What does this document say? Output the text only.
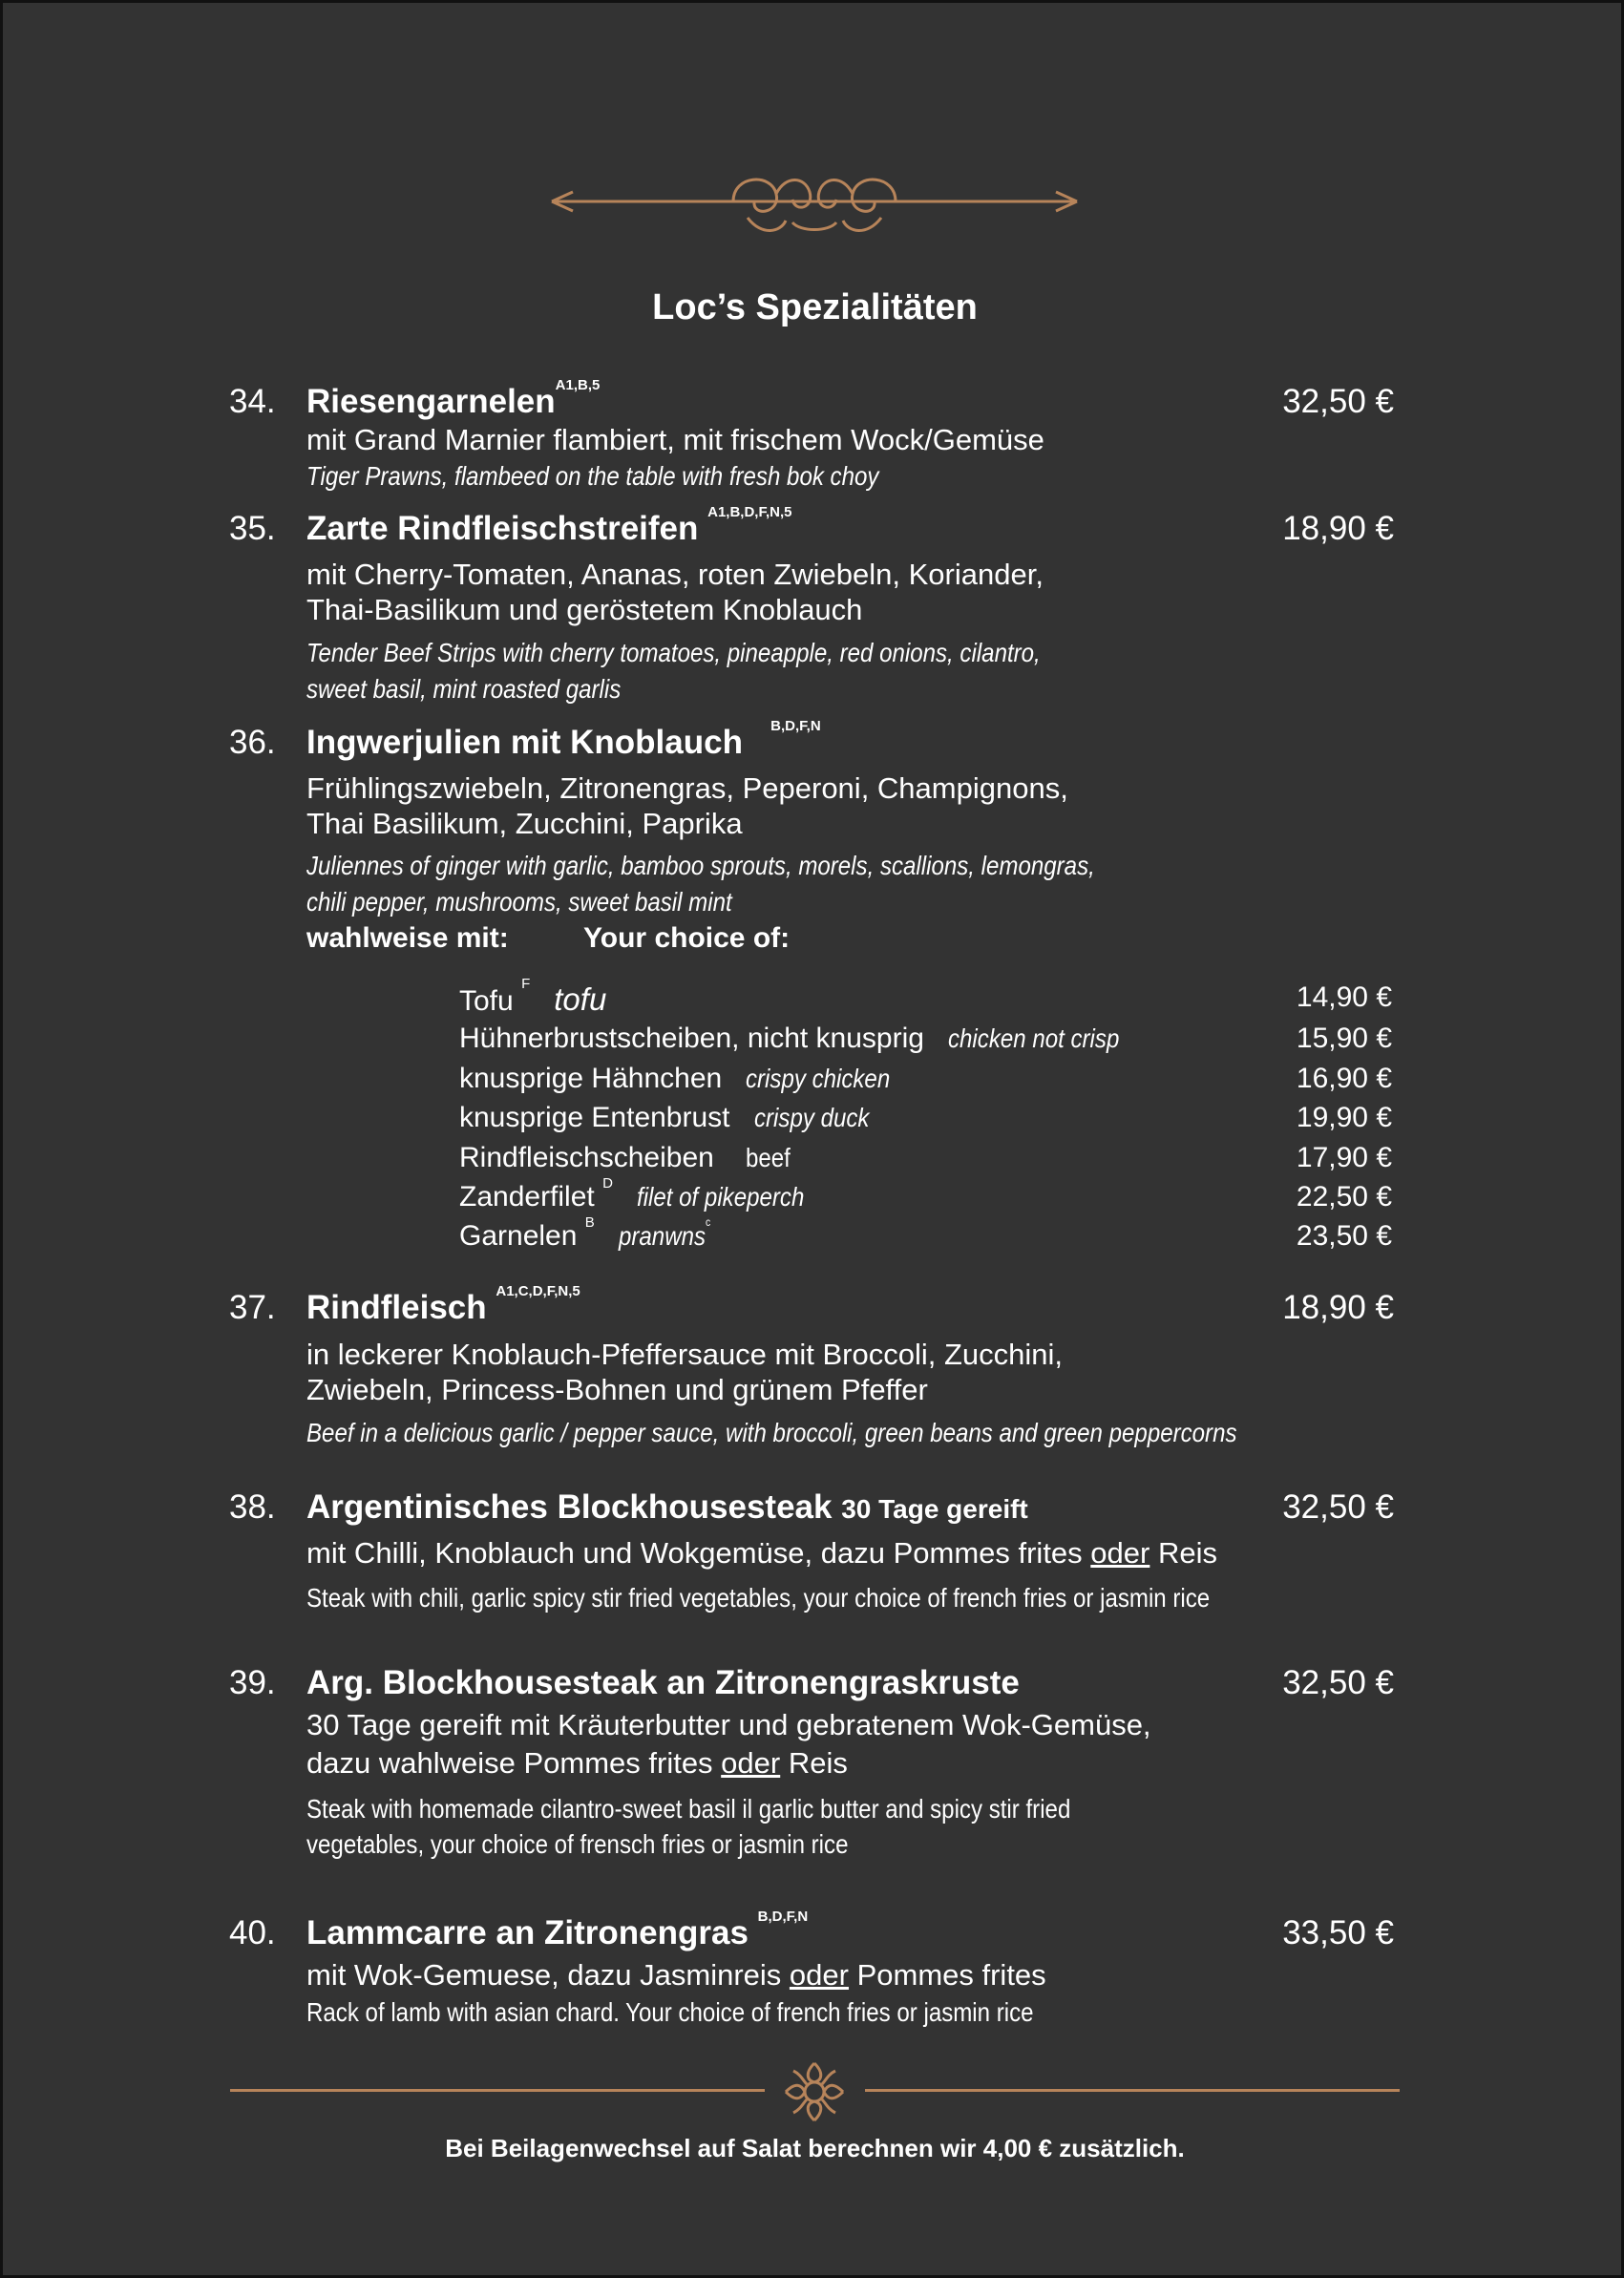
Loc’s Spezialitäten
34. Riesengarnelen$^{A1,B,5}$	32,50 €
mit Grand Marnier flambiert, mit frischem Wock/Gemüse
Tiger Prawns, flambeed on the table with fresh bok choy
35. Zarte Rindfleischstreifen $^{A1,B,D,F,N,5}$	18,90 €
mit Cherry-Tomaten, Ananas, roten Zwiebeln, Koriander,
Thai-Basilikum und geröstetem Knoblauch
Tender Beef Strips with cherry tomatoes, pineapple, red onions, cilantro,
sweet basil, mint roasted garlis
36. Ingwerjulien mit Knoblauch $^{B,D,F,N}$
Frühlingszwiebeln, Zitronengras, Peperoni, Champignons,
Thai Basilikum, Zucchini, Paprika
Juliennes of ginger with garlic, bamboo sprouts, morels, scallions, lemongras,
chili pepper, mushrooms, sweet basil mint
wahlweise mit:	Your choice of:
Tofu $^F$ tofu	14,90 €
Hühnerbrustscheiben, nicht knusprig chicken not crisp	15,90 €
knusprige Hähnchen crispy chicken	16,90 €
knusprige Entenbrust crispy duck	19,90 €
Rindfleischscheiben beef	17,90 €
Zanderfilet $^D$ filet of pikeperch	22,50 €
Garnelen $^B$ pranwns$^c$	23,50 €
37. Rindfleisch $^{A1,C,D,F,N,5}$	18,90 €
in leckerer Knoblauch-Pfeffersauce mit Broccoli, Zucchini,
Zwiebeln, Princess-Bohnen und grünem Pfeffer
Beef in a delicious garlic / pepper sauce, with broccoli, green beans and green peppercorns
38. Argentinisches Blockhousesteak 30 Tage gereift	32,50 €
mit Chilli, Knoblauch und Wokgemüse, dazu Pommes frites oder Reis
Steak with chili, garlic spicy stir fried vegetables, your choice of french fries or jasmin rice
39. Arg. Blockhousesteak an Zitronengraskruste	32,50 €
30 Tage gereift mit Kräuterbutter und gebratenem Wok-Gemüse,
dazu wahlweise Pommes frites oder Reis
Steak with homemade cilantro-sweet basil il garlic butter and spicy stir fried
vegetables, your choice of frensch fries or jasmin rice
40. Lammcarre an Zitronengras $^{B,D,F,N}$	33,50 €
mit Wok-Gemuese, dazu Jasminreis oder Pommes frites
Rack of lamb with asian chard. Your choice of french fries or jasmin rice
Bei Beilagenwechsel auf Salat berechnen wir 4,00 € zusätzlich.
